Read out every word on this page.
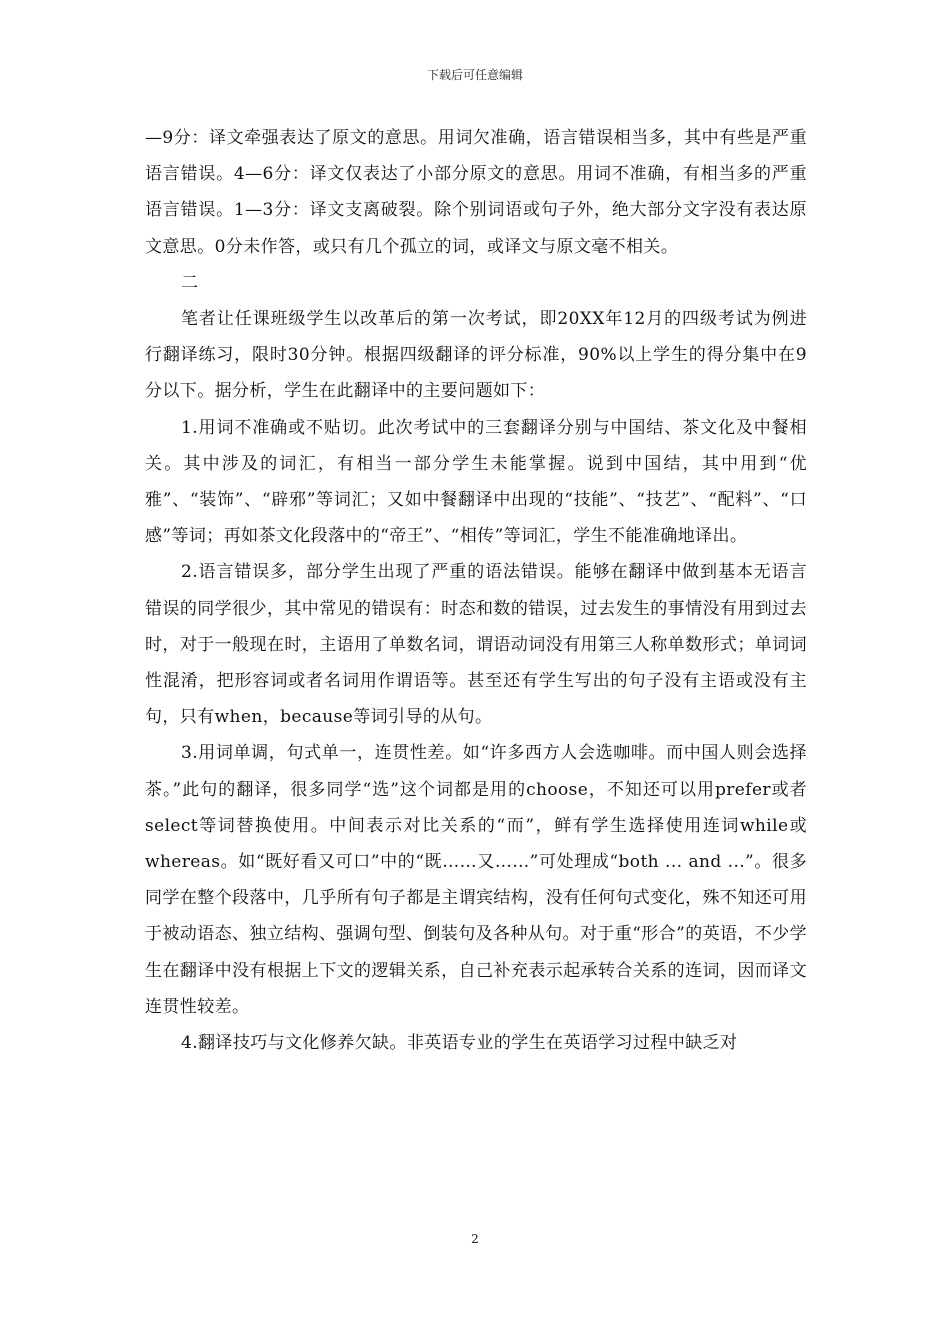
下载后可任意编辑

—9分：译文牵强表达了原文的意思。用词欠准确，语言错误相当多，其中有些是严重语言错误。4—6分：译文仅表达了小部分原文的意思。用词不准确，有相当多的严重语言错误。1—3分：译文支离破裂。除个别词语或句子外，绝大部分文字没有表达原文意思。0分未作答，或只有几个孤立的词，或译文与原文毫不相关。

二

笔者让任课班级学生以改革后的第一次考试，即20XX年12月的四级考试为例进行翻译练习，限时30分钟。根据四级翻译的评分标准，90%以上学生的得分集中在9分以下。据分析，学生在此翻译中的主要问题如下：

1.用词不准确或不贴切。此次考试中的三套翻译分别与中国结、茶文化及中餐相关。其中涉及的词汇，有相当一部分学生未能掌握。说到中国结，其中用到“优雅”、“装饰”、“辟邪”等词汇；又如中餐翻译中出现的“技能”、“技艺”、“配料”、“口感”等词；再如茶文化段落中的“帝王”、“相传”等词汇，学生不能准确地译出。

2.语言错误多，部分学生出现了严重的语法错误。能够在翻译中做到基本无语言错误的同学很少，其中常见的错误有：时态和数的错误，过去发生的事情没有用到过去时，对于一般现在时，主语用了单数名词，谓语动词没有用第三人称单数形式；单词词性混淆，把形容词或者名词用作谓语等。甚至还有学生写出的句子没有主语或没有主句，只有when，because等词引导的从句。

3.用词单调，句式单一，连贯性差。如“许多西方人会选咖啡。而中国人则会选择茶。”此句的翻译，很多同学“选”这个词都是用的choose，不知还可以用prefer或者select等词替换使用。中间表示对比关系的“而”，鲜有学生选择使用连词while或whereas。如“既好看又可口”中的“既……又……”可处理成“both ... and ...”。很多同学在整个段落中，几乎所有句子都是主谓宾结构，没有任何句式变化，殊不知还可用于被动语态、独立结构、强调句型、倒装句及各种从句。对于重“形合”的英语，不少学生在翻译中没有根据上下文的逻辑关系，自己补充表示起承转合关系的连词，因而译文连贯性较差。

4.翻译技巧与文化修养欠缺。非英语专业的学生在英语学习过程中缺乏对

2
